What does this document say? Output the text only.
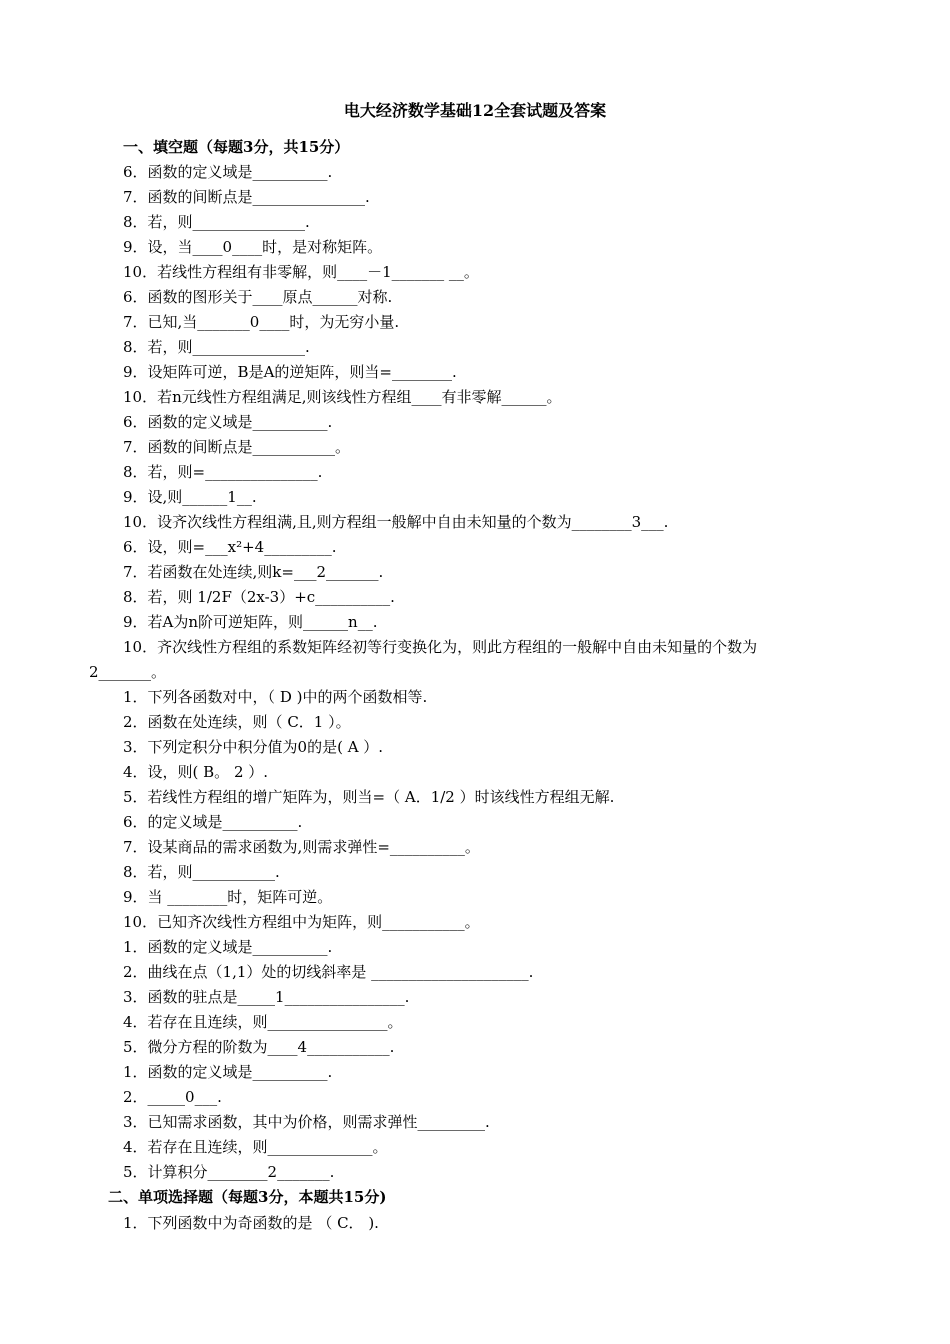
电大经济数学基础12全套试题及答案
一、填空题（每题3分，共15分）
6．函数的定义域是__________.
7．函数的间断点是_______________.
8．若，则_______________.
9．设，当____0____时，是对称矩阵。
10．若线性方程组有非零解，则____－1_______ __。
6．函数的图形关于____原点______对称.
7．已知,当_______0____时，为无穷小量.
8．若，则_______________.
9．设矩阵可逆，B是A的逆矩阵，则当=________.
10．若n元线性方程组满足,则该线性方程组____有非零解______。
6．函数的定义域是__________.
7．函数的间断点是___________。
8．若，则=_______________.
9．设,则______1__.
10．设齐次线性方程组满,且,则方程组一般解中自由未知量的个数为________3___.
6．设，则=___x²+4_________.
7．若函数在处连续,则k=___2_______.
8．若，则 1/2F（2x-3）+c__________.
9．若A为n阶可逆矩阵，则______n__.
10．齐次线性方程组的系数矩阵经初等行变换化为，则此方程组的一般解中自由未知量的个数为
2_______。
1．下列各函数对中，（ D )中的两个函数相等.
2．函数在处连续，则（ C．1 ）。
3．下列定积分中积分值为0的是( A ）.
4．设，则( B。 2 ）.
5．若线性方程组的增广矩阵为，则当=（ A．1/2 ）时该线性方程组无解.
6．的定义域是__________.
7．设某商品的需求函数为,则需求弹性=__________。
8．若，则___________.
9．当 ________时，矩阵可逆。
10．已知齐次线性方程组中为矩阵，则___________。
1．函数的定义域是__________.
2．曲线在点（1,1）处的切线斜率是 _____________________.
3．函数的驻点是_____1________________.
4．若存在且连续，则________________。
5．微分方程的阶数为____4___________.
1．函数的定义域是__________.
2．_____0___.
3．已知需求函数，其中为价格，则需求弹性_________.
4．若存在且连续，则______________。
5．计算积分________2_______.
二、单项选择题（每题3分，本题共15分)
1．下列函数中为奇函数的是 （ C． ).
